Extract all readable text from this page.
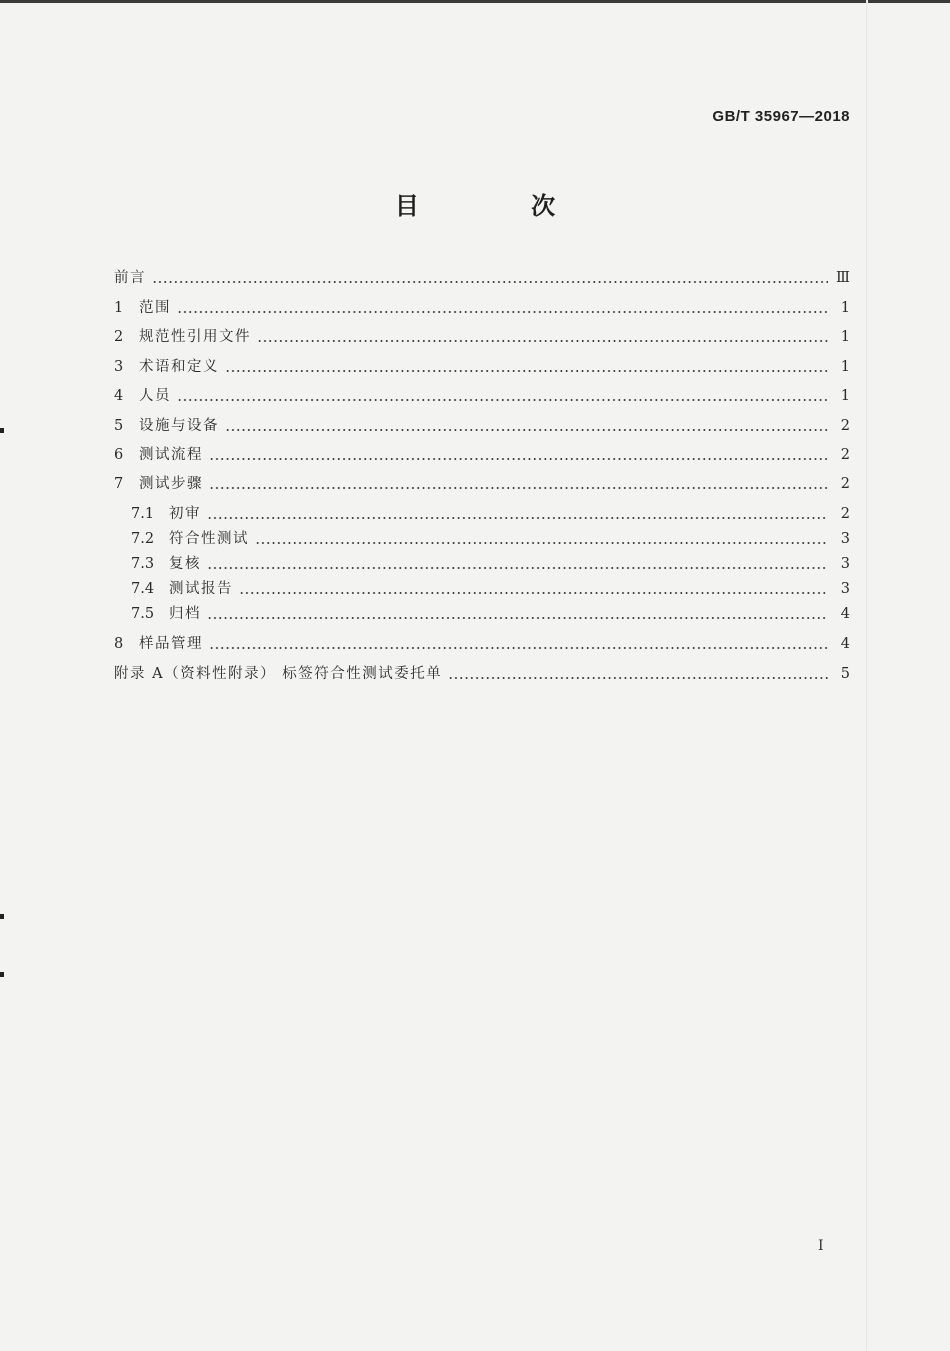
GB/T 35967—2018
目 次
前言	Ⅲ
1	范围	1
2	规范性引用文件	1
3	术语和定义	1
4	人员	1
5	设施与设备	2
6	测试流程	2
7	测试步骤	2
7.1	初审	2
7.2	符合性测试	3
7.3	复核	3
7.4	测试报告	3
7.5	归档	4
8	样品管理	4
附录 A（资料性附录） 标签符合性测试委托单	5
I
